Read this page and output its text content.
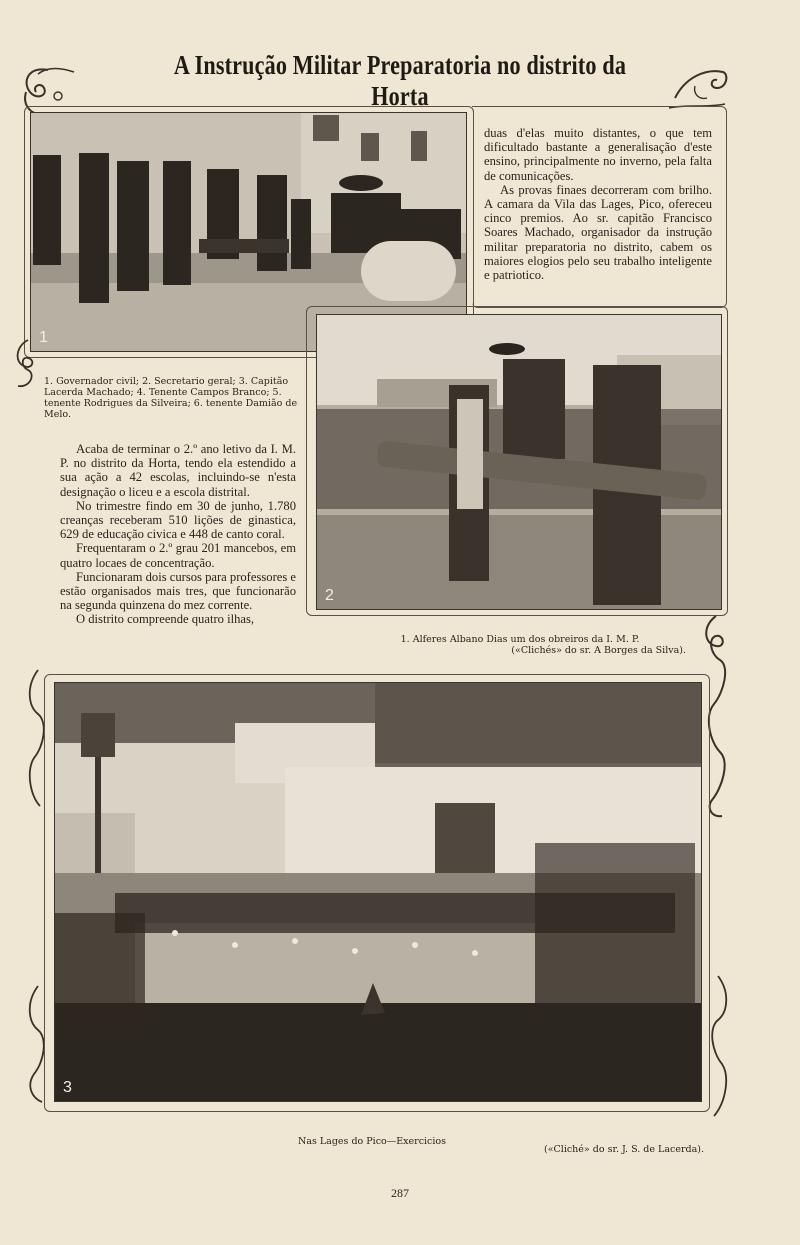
A Instrução Militar Preparatoria no distrito da Horta
1

duas d'elas muito distantes, o que tem dificultado bastante a generalisação d'este ensino, principalmente no inverno, pela falta de comunicações.

As provas finaes decorreram com brilho. A camara da Vila das Lages, Pico, ofereceu cinco premios. Ao sr. capitão Francisco Soares Machado, organisador da instrução militar preparatoria no distrito, cabem os maiores elogios pelo seu trabalho inteligente e patriotico.

1. Governador civil; 2. Secretario geral; 3. Capitão Lacerda Machado; 4. Tenente Campos Branco; 5. tenente Rodrigues da Silveira; 6. tenente Damião de Melo.

Acaba de terminar o 2.º ano letivo da I. M. P. no distrito da Horta, tendo ela estendido a sua ação a 42 escolas, incluindo-se n'esta designação o liceu e a escola distrital.

No trimestre findo em 30 de junho, 1.780 creanças receberam 510 lições de ginastica, 629 de educação civica e 448 de canto coral.

Frequentaram o 2.º grau 201 mancebos, em quatro locaes de concentração.

Funcionaram dois cursos para professores e estão organisados mais tres, que funcionarão na segunda quinzena do mez corrente.

O distrito compreende quatro ilhas,

2
1. Alferes Albano Dias um dos obreiros da I. M. P.
(«Clichés» do sr. A Borges da Silva).
3
Nas Lages do Pico—Exercicios
(«Cliché» do sr. J. S. de Lacerda).
287
